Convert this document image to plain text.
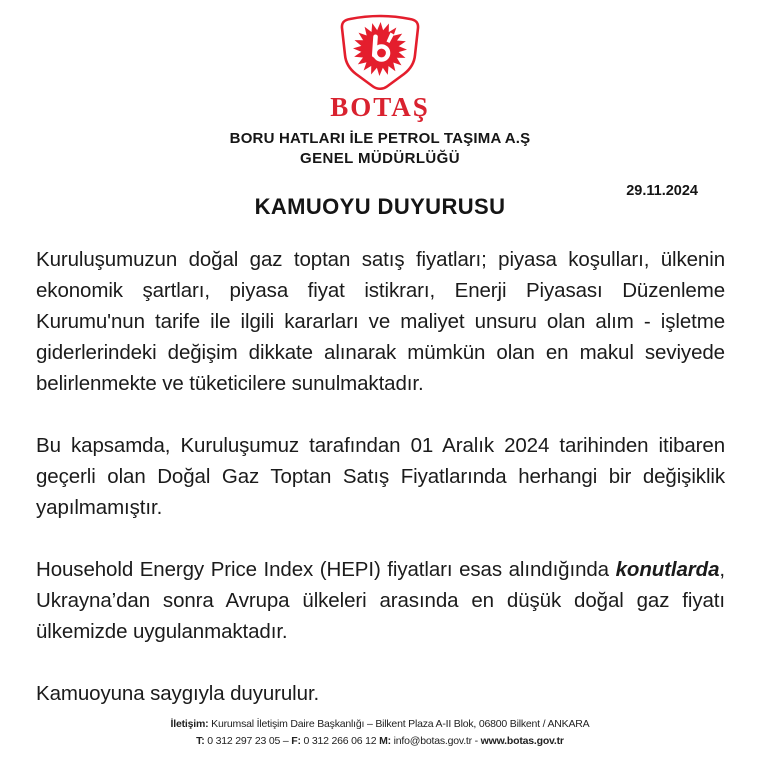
BOTAŞ
BORU HATLARI İLE PETROL TAŞIMA A.Ş
GENEL MÜDÜRLÜĞÜ
29.11.2024
KAMUOYU DUYURUSU

Kuruluşumuzun doğal gaz toptan satış fiyatları; piyasa koşulları, ülkenin ekonomik şartları, piyasa fiyat istikrarı, Enerji Piyasası Düzenleme Kurumu'nun tarife ile ilgili kararları ve maliyet unsuru olan alım - işletme giderlerindeki değişim dikkate alınarak mümkün olan en makul seviyede belirlenmekte ve tüketicilere sunulmaktadır.

Bu kapsamda, Kuruluşumuz tarafından 01 Aralık 2024 tarihinden itibaren geçerli olan Doğal Gaz Toptan Satış Fiyatlarında herhangi bir değişiklik yapılmamıştır.

Household Energy Price Index (HEPI) fiyatları esas alındığında konutlarda, Ukrayna’dan sonra Avrupa ülkeleri arasında en düşük doğal gaz fiyatı ülkemizde uygulanmaktadır.

Kamuoyuna saygıyla duyurulur.

İletişim: Kurumsal İletişim Daire Başkanlığı – Bilkent Plaza A-II Blok, 06800 Bilkent / ANKARA
T: 0 312 297 23 05 – F: 0 312 266 06 12 M: info@botas.gov.tr - www.botas.gov.tr
